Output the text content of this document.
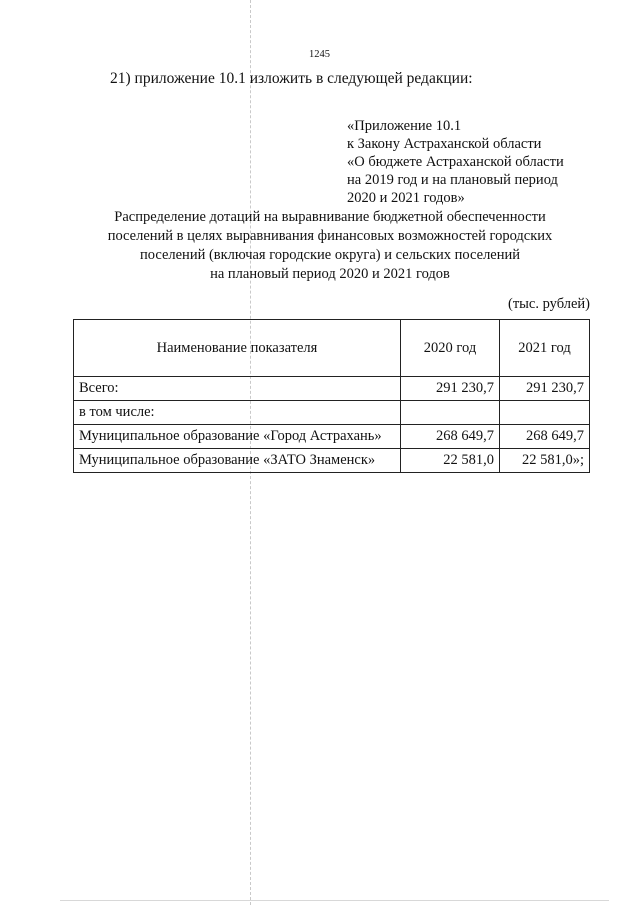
1245
21) приложение 10.1 изложить в следующей редакции:
«Приложение 10.1
к Закону Астраханской области
«О бюджете Астраханской области
на 2019 год и на плановый период
2020 и 2021 годов»
Распределение дотаций на выравнивание бюджетной обеспеченности
поселений в целях выравнивания финансовых возможностей городских
поселений (включая городские округа) и сельских поселений
на плановый период 2020 и 2021 годов
(тыс. рублей)
Наименование показателя	2020 год	2021 год
Всего:	291 230,7	291 230,7
в том числе:		
Муниципальное образование «Город Астрахань»	268 649,7	268 649,7
Муниципальное образование «ЗАТО Знаменск»	22 581,0	22 581,0»;
